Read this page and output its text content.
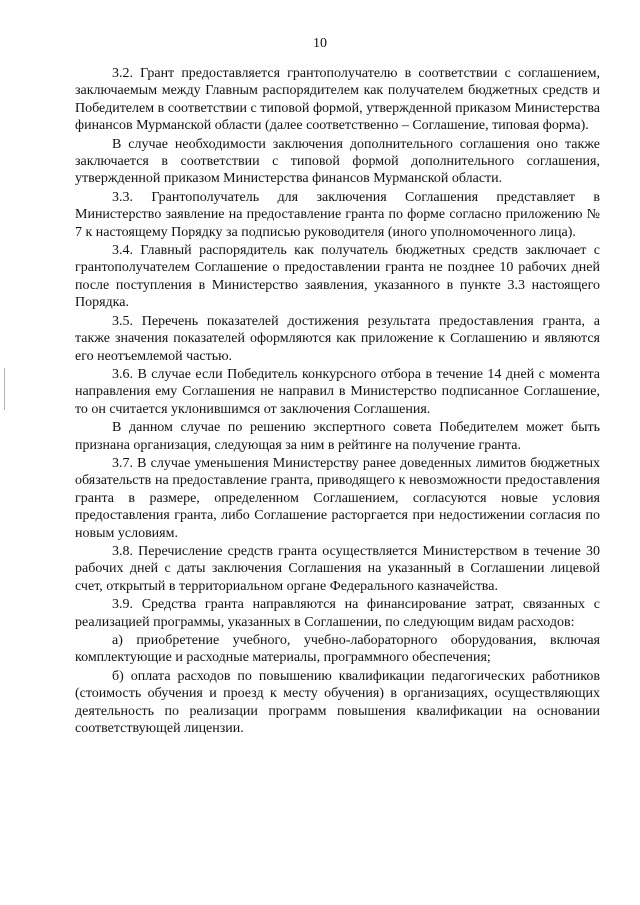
10

3.2. Грант предоставляется грантополучателю в соответствии с соглашением, заключаемым между Главным распорядителем как получателем бюджетных средств и Победителем в соответствии с типовой формой, утвержденной приказом Министерства финансов Мурманской области (далее соответственно – Соглашение, типовая форма).

В случае необходимости заключения дополнительного соглашения оно также заключается в соответствии с типовой формой дополнительного соглашения, утвержденной приказом Министерства финансов Мурманской области.

3.3. Грантополучатель для заключения Соглашения представляет в Министерство заявление на предоставление гранта по форме согласно приложению № 7 к настоящему Порядку за подписью руководителя (иного уполномоченного лица).

3.4. Главный распорядитель как получатель бюджетных средств заключает с грантополучателем Соглашение о предоставлении гранта не позднее 10 рабочих дней после поступления в Министерство заявления, указанного в пункте 3.3 настоящего Порядка.

3.5. Перечень показателей достижения результата предоставления гранта, а также значения показателей оформляются как приложение к Соглашению и являются его неотъемлемой частью.

3.6. В случае если Победитель конкурсного отбора в течение 14 дней с момента направления ему Соглашения не направил в Министерство подписанное Соглашение, то он считается уклонившимся от заключения Соглашения.

В данном случае по решению экспертного совета Победителем может быть признана организация, следующая за ним в рейтинге на получение гранта.

3.7. В случае уменьшения Министерству ранее доведенных лимитов бюджетных обязательств на предоставление гранта, приводящего к невозможности предоставления гранта в размере, определенном Соглашением, согласуются новые условия предоставления гранта, либо Соглашение расторгается при недостижении согласия по новым условиям.

3.8. Перечисление средств гранта осуществляется Министерством в течение 30 рабочих дней с даты заключения Соглашения на указанный в Соглашении лицевой счет, открытый в территориальном органе Федерального казначейства.

3.9. Средства гранта направляются на финансирование затрат, связанных с реализацией программы, указанных в Соглашении, по следующим видам расходов:

а) приобретение учебного, учебно-лабораторного оборудования, включая комплектующие и расходные материалы, программного обеспечения;

б) оплата расходов по повышению квалификации педагогических работников (стоимость обучения и проезд к месту обучения) в организациях, осуществляющих деятельность по реализации программ повышения квалификации на основании соответствующей лицензии.
